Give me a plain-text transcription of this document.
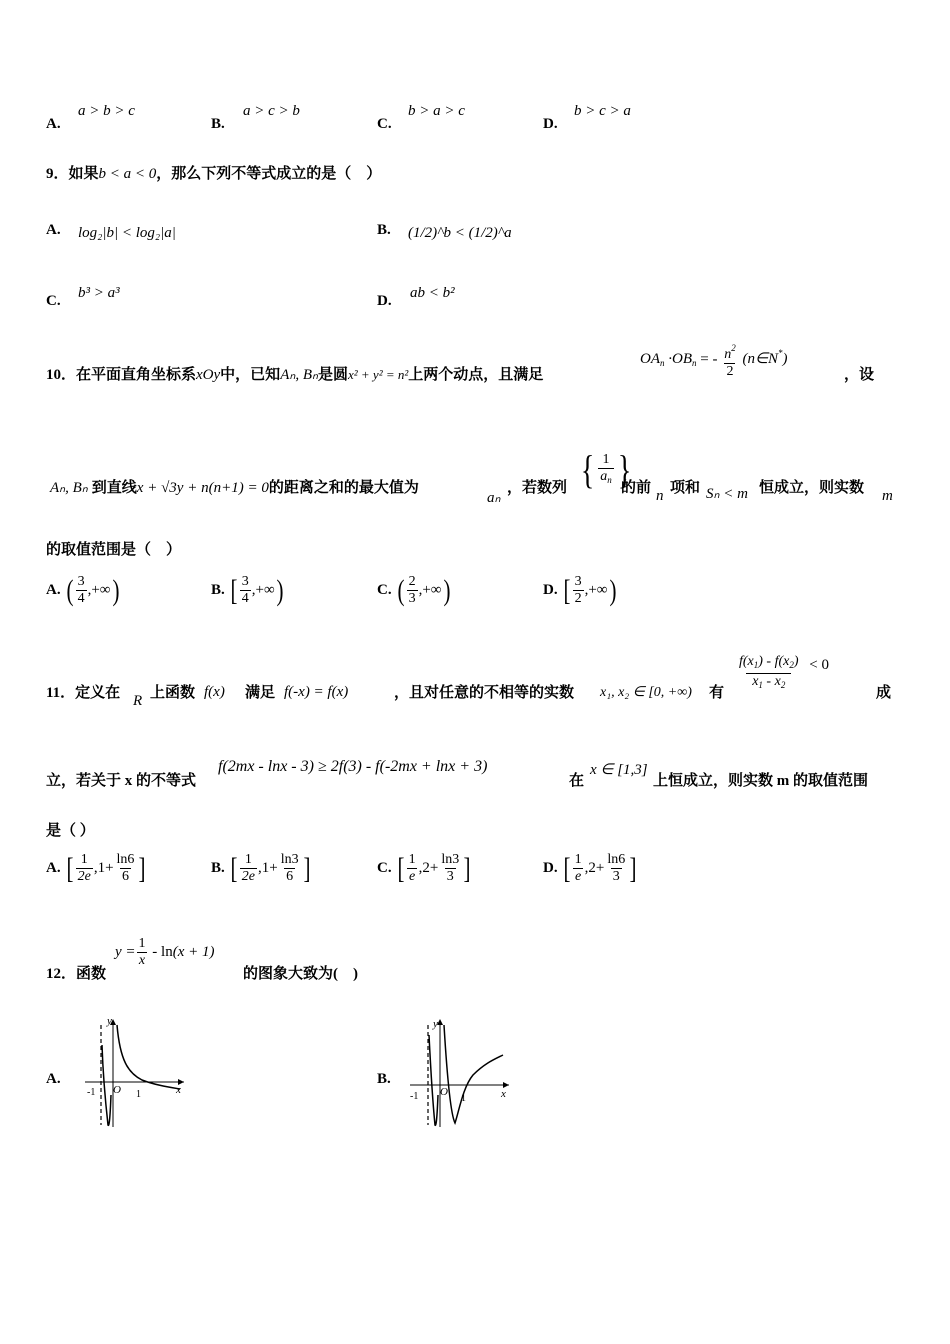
A.
a > b > c
B.
a > c > b
C.
b > a > c
D.
b > c > a
9．如果b < a < 0，那么下列不等式成立的是（　）
A. log₂|b| < log₂|a|	B. (1/2)^b < (1/2)^a
C. b³ > a³	D. ab < b²
10．在平面直角坐标系xOy中，已知Aₙ, Bₙ是圆x² + y² = n²上两个动点，且满足
$OA_n \cdot OB_n$ = - $\frac{n^2}{2}$ (n∈N*)
，设
Aₙ, Bₙ 到直线x + √3y + n(n+1) = 0的距离之和的最大值为
aₙ
，若数列 { $\frac{1}{a_n}$ }
的前 n 项和 Sₙ < m 恒成立，则实数 m
的取值范围是（　）
A. ( $\frac{3}{4}$ ,+∞)	B. [ $\frac{3}{4}$ ,+∞)	C. ( $\frac{2}{3}$ ,+∞)	D. [ $\frac{3}{2}$ ,+∞)
11．定义在 R 上函数 f(x) 满足 f(-x) = f(x)	，且对任意的不相等的实数 x₁, x₂ ∈ [0, +∞) 有 $\frac{f(x_1) - f(x_2)}{x_1 - x_2} < 0$
成
立，若关于 x 的不等式
f(2mx - lnx - 3) ≥ 2f(3) - f(-2mx + lnx + 3)
在
x ∈ [1,3]
上恒成立，则实数 m 的取值范围
是（ ）
A. [ $\frac{1}{2e} ,1+ \frac{\ln 6}{6}$ ]	B. [ $\frac{1}{2e} ,1+ \frac{\ln 3}{6}$ ]	C. [ $\frac{1}{e} ,2+ \frac{\ln 3}{3}$ ]	D. [ $\frac{1}{e} ,2+ \frac{\ln 6}{3}$ ]
12．函数
$y = \frac{1}{x} - \ln(x + 1)$
的图象大致为(　)
A.
y
x
O
-1	1
B.
y
x
O
-1	1
